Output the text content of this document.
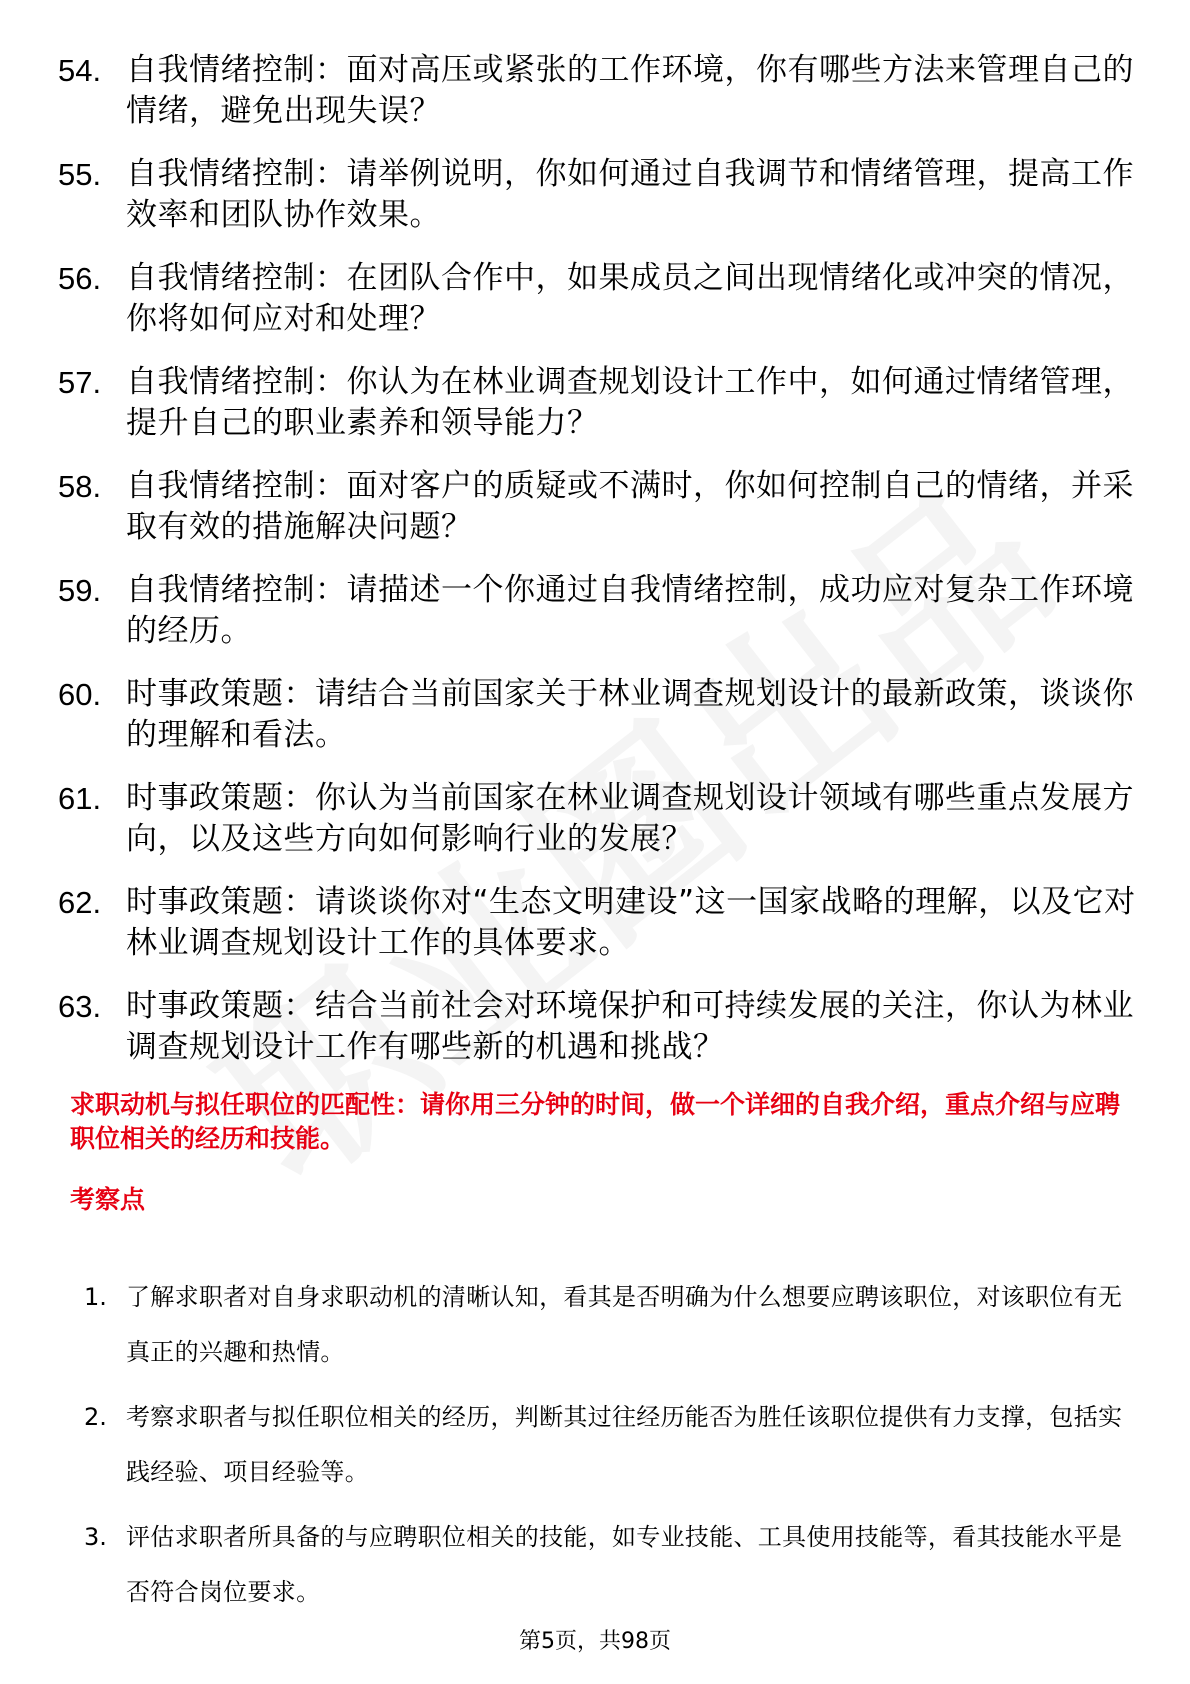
54. 自我情绪控制：面对高压或紧张的工作环境，你有哪些方法来管理自己的情绪，避免出现失误？
55. 自我情绪控制：请举例说明，你如何通过自我调节和情绪管理，提高工作效率和团队协作效果。
56. 自我情绪控制：在团队合作中，如果成员之间出现情绪化或冲突的情况，你将如何应对和处理？
57. 自我情绪控制：你认为在林业调查规划设计工作中，如何通过情绪管理，提升自己的职业素养和领导能力？
58. 自我情绪控制：面对客户的质疑或不满时，你如何控制自己的情绪，并采取有效的措施解决问题？
59. 自我情绪控制：请描述一个你通过自我情绪控制，成功应对复杂工作环境的经历。
60. 时事政策题：请结合当前国家关于林业调查规划设计的最新政策，谈谈你的理解和看法。
61. 时事政策题：你认为当前国家在林业调查规划设计领域有哪些重点发展方向，以及这些方向如何影响行业的发展？
62. 时事政策题：请谈谈你对“生态文明建设”这一国家战略的理解，以及它对林业调查规划设计工作的具体要求。
63. 时事政策题：结合当前社会对环境保护和可持续发展的关注，你认为林业调查规划设计工作有哪些新的机遇和挑战？
求职动机与拟任职位的匹配性：请你用三分钟的时间，做一个详细的自我介绍，重点介绍与应聘职位相关的经历和技能。
考察点
1. 了解求职者对自身求职动机的清晰认知，看其是否明确为什么想要应聘该职位，对该职位有无真正的兴趣和热情。
2. 考察求职者与拟任职位相关的经历，判断其过往经历能否为胜任该职位提供有力支撑，包括实践经验、项目经验等。
3. 评估求职者所具备的与应聘职位相关的技能，如专业技能、工具使用技能等，看其技能水平是否符合岗位要求。
第5页，共98页
